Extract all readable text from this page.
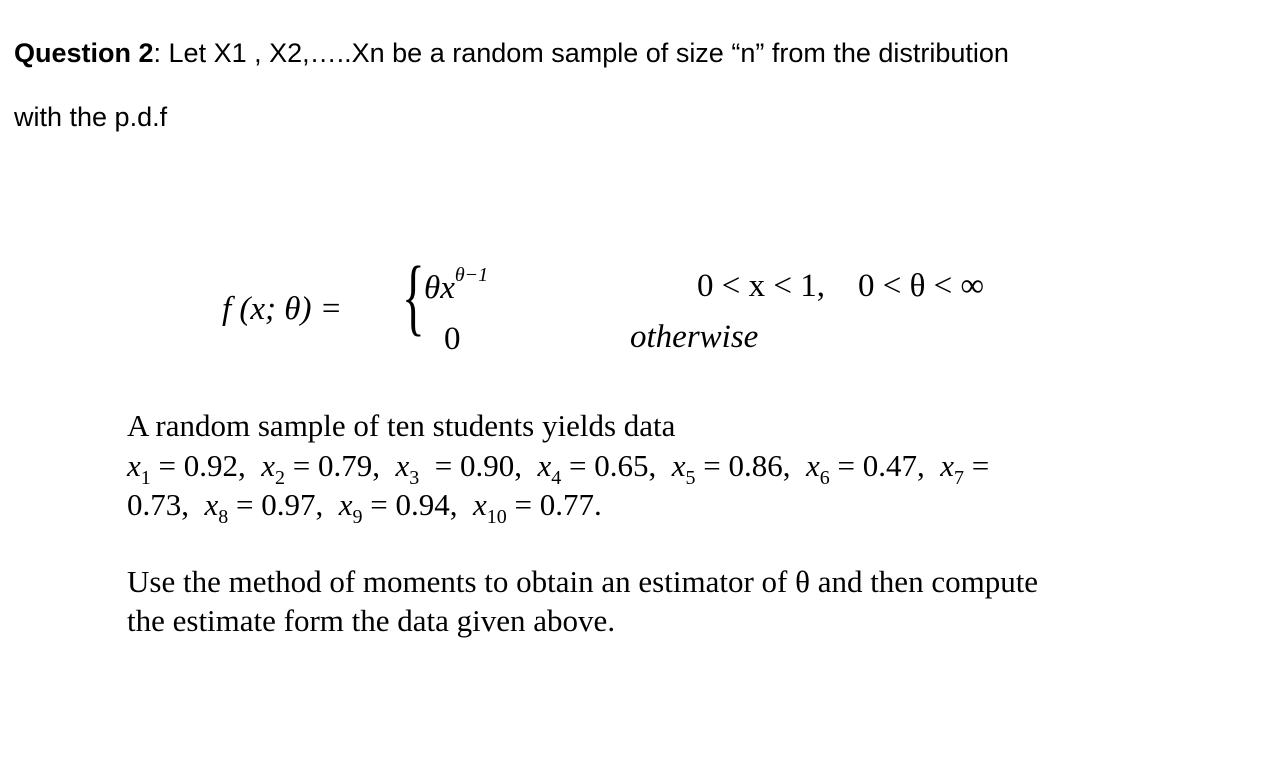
Question 2: Let X1 , X2,…..Xn be a random sample of size “n” from the distribution
with the p.d.f
f (x; θ) = { $\theta x^{\theta-1}$	0 < x < 1,    0 < θ < ∞
0	otherwise
A random sample of ten students yields data
$x_1 = 0.92$,  $x_2 = 0.79$,  $x_3 = 0.90$,  $x_4 = 0.65$,  $x_5 = 0.86$,  $x_6 = 0.47$,  $x_7$ =
0.73,  $x_8 = 0.97$,  $x_9 = 0.94$,  $x_{10} = 0.77$.
Use the method of moments to obtain an estimator of θ and then compute
the estimate form the data given above.
